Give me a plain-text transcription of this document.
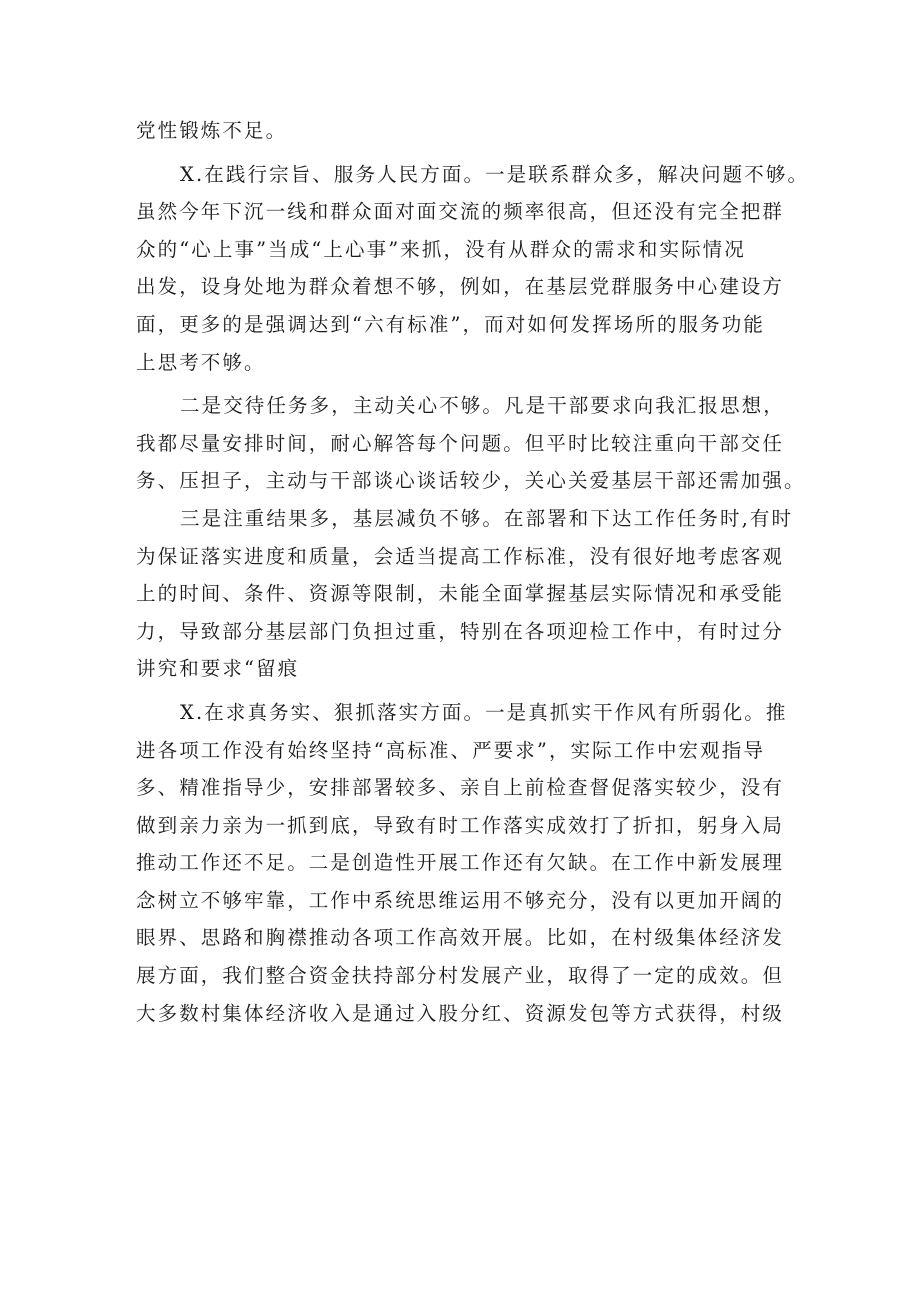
党性锻炼不足。
X.在践行宗旨、服务人民方面。一是联系群众多，解决问题不够。
虽然今年下沉一线和群众面对面交流的频率很高，但还没有完全把群
众的“心上事”当成“上心事”来抓，没有从群众的需求和实际情况
出发，设身处地为群众着想不够，例如，在基层党群服务中心建设方
面，更多的是强调达到“六有标准”，而对如何发挥场所的服务功能
上思考不够。
二是交待任务多，主动关心不够。凡是干部要求向我汇报思想，
我都尽量安排时间，耐心解答每个问题。但平时比较注重向干部交任
务、压担子，主动与干部谈心谈话较少，关心关爱基层干部还需加强。
三是注重结果多，基层减负不够。在部署和下达工作任务时,有时
为保证落实进度和质量，会适当提高工作标准，没有很好地考虑客观
上的时间、条件、资源等限制，未能全面掌握基层实际情况和承受能
力，导致部分基层部门负担过重，特别在各项迎检工作中，有时过分
讲究和要求“留痕
X.在求真务实、狠抓落实方面。一是真抓实干作风有所弱化。推
进各项工作没有始终坚持“高标准、严要求”，实际工作中宏观指导
多、精准指导少，安排部署较多、亲自上前检查督促落实较少，没有
做到亲力亲为一抓到底，导致有时工作落实成效打了折扣，躬身入局
推动工作还不足。二是创造性开展工作还有欠缺。在工作中新发展理
念树立不够牢靠，工作中系统思维运用不够充分，没有以更加开阔的
眼界、思路和胸襟推动各项工作高效开展。比如，在村级集体经济发
展方面，我们整合资金扶持部分村发展产业，取得了一定的成效。但
大多数村集体经济收入是通过入股分红、资源发包等方式获得，村级
